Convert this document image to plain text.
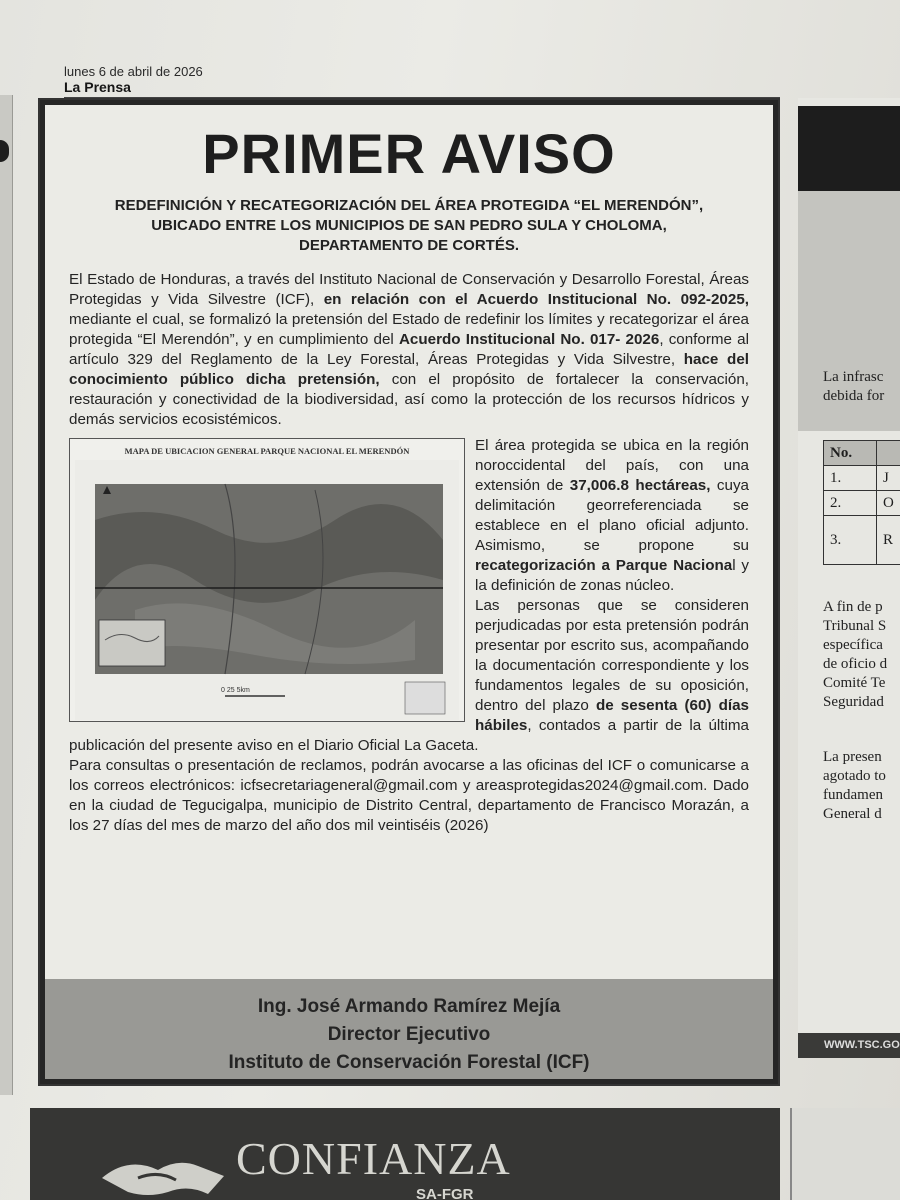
lunes 6 de abril de 2026
La Prensa
PRIMER AVISO
REDEFINICIÓN Y RECATEGORIZACIÓN DEL ÁREA PROTEGIDA “EL MERENDÓN”, UBICADO ENTRE LOS MUNICIPIOS DE SAN PEDRO SULA Y CHOLOMA, DEPARTAMENTO DE CORTÉS.

El Estado de Honduras, a través del Instituto Nacional de Conservación y Desarrollo Forestal, Áreas Protegidas y Vida Silvestre (ICF), en relación con el Acuerdo Institucional No. 092-2025, mediante el cual, se formalizó la pretensión del Estado de redefinir los límites y recategorizar el área protegida “El Merendón”, y en cumplimiento del Acuerdo Institucional No. 017- 2026, conforme al artículo 329 del Reglamento de la Ley Forestal, Áreas Protegidas y Vida Silvestre, hace del conocimiento público dicha pretensión, con el propósito de fortalecer la conservación, restauración y conectividad de la biodiversidad, así como la protección de los recursos hídricos y demás servicios ecosistémicos.

MAPA DE UBICACION GENERAL PARQUE NACIONAL EL MERENDÓN
0 25 5km

El área protegida se ubica en la región noroccidental del país, con una extensión de 37,006.8 hectáreas, cuya delimitación georreferenciada se establece en el plano oficial adjunto. Asimismo, se propone su recategorización a Parque Nacional y la definición de zonas núcleo.

Las personas que se consideren perjudicadas por esta pretensión podrán presentar por escrito sus, acompañando la documentación correspondiente y los fundamentos legales de su oposición, dentro del plazo de sesenta (60) días hábiles, contados a partir de la última publicación del presente aviso en el Diario Oficial La Gaceta.

Para consultas o presentación de reclamos, podrán avocarse a las oficinas del ICF o comunicarse a los correos electrónicos: icfsecretariageneral@gmail.com y areasprotegidas2024@gmail.com. Dado en la ciudad de Tegucigalpa, municipio de Distrito Central, departamento de Francisco Morazán, a los 27 días del mes de marzo del año dos mil veintiséis (2026)

Ing. José Armando Ramírez Mejía
Director Ejecutivo
Instituto de Conservación Forestal (ICF)

La infrasc

debida for

No.	
1.	J
2.	O
3.	R

A fin de p

Tribunal S

específica

de oficio d

Comité Te

Seguridad

La presen

agotado to

fundamen

General d

WWW.TSC.GO
CONFIANZA
SA-FGR
